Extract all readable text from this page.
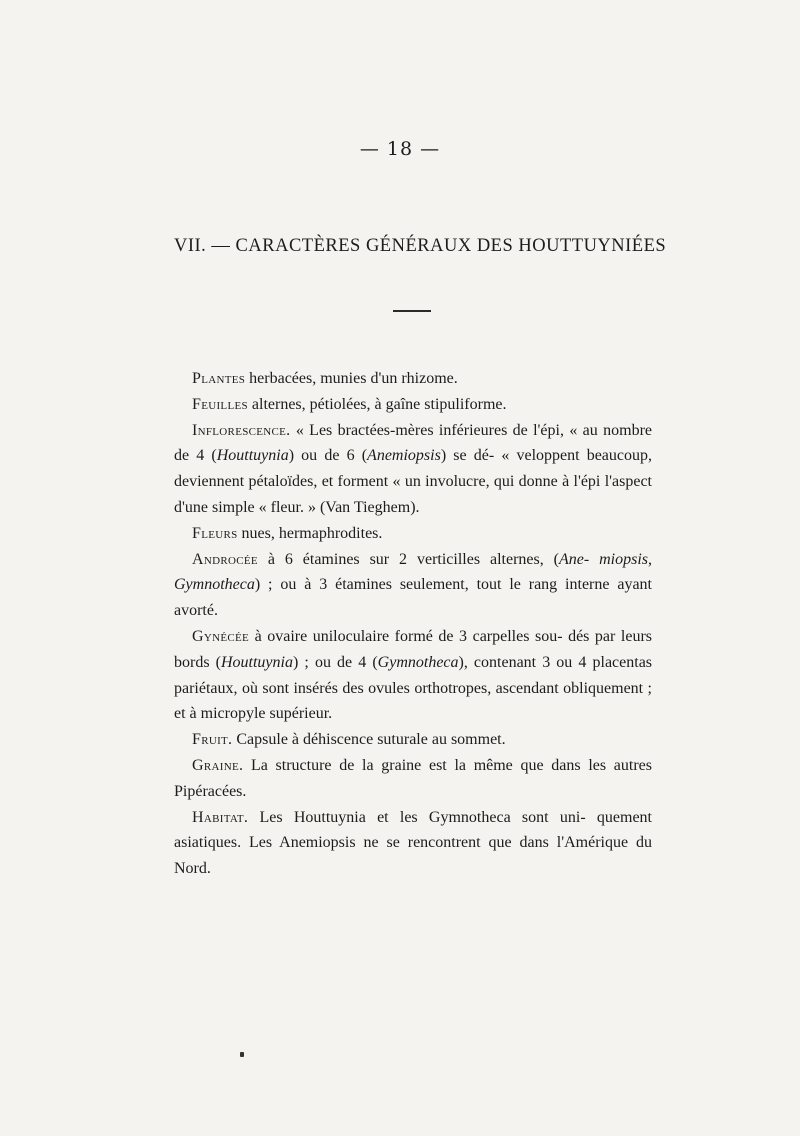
— 18 —
VII. — CARACTÈRES GÉNÉRAUX DES HOUTTUYNIÉES

Plantes herbacées, munies d'un rhizome.

Feuilles alternes, pétiolées, à gaîne stipuliforme.

Inflorescence. « Les bractées-mères inférieures de l'épi, « au nombre de 4 (Houttuynia) ou de 6 (Anemiopsis) se dé- « veloppent beaucoup, deviennent pétaloïdes, et forment « un involucre, qui donne à l'épi l'aspect d'une simple « fleur. » (Van Tieghem).

Fleurs nues, hermaphrodites.

Androcée à 6 étamines sur 2 verticilles alternes, (Ane- miopsis, Gymnotheca) ; ou à 3 étamines seulement, tout le rang interne ayant avorté.

Gynécée à ovaire uniloculaire formé de 3 carpelles sou- dés par leurs bords (Houttuynia) ; ou de 4 (Gymnotheca), contenant 3 ou 4 placentas pariétaux, où sont insérés des ovules orthotropes, ascendant obliquement ; et à micropyle supérieur.

Fruit. Capsule à déhiscence suturale au sommet.

Graine. La structure de la graine est la même que dans les autres Pipéracées.

Habitat. Les Houttuynia et les Gymnotheca sont uni- quement asiatiques. Les Anemiopsis ne se rencontrent que dans l'Amérique du Nord.
